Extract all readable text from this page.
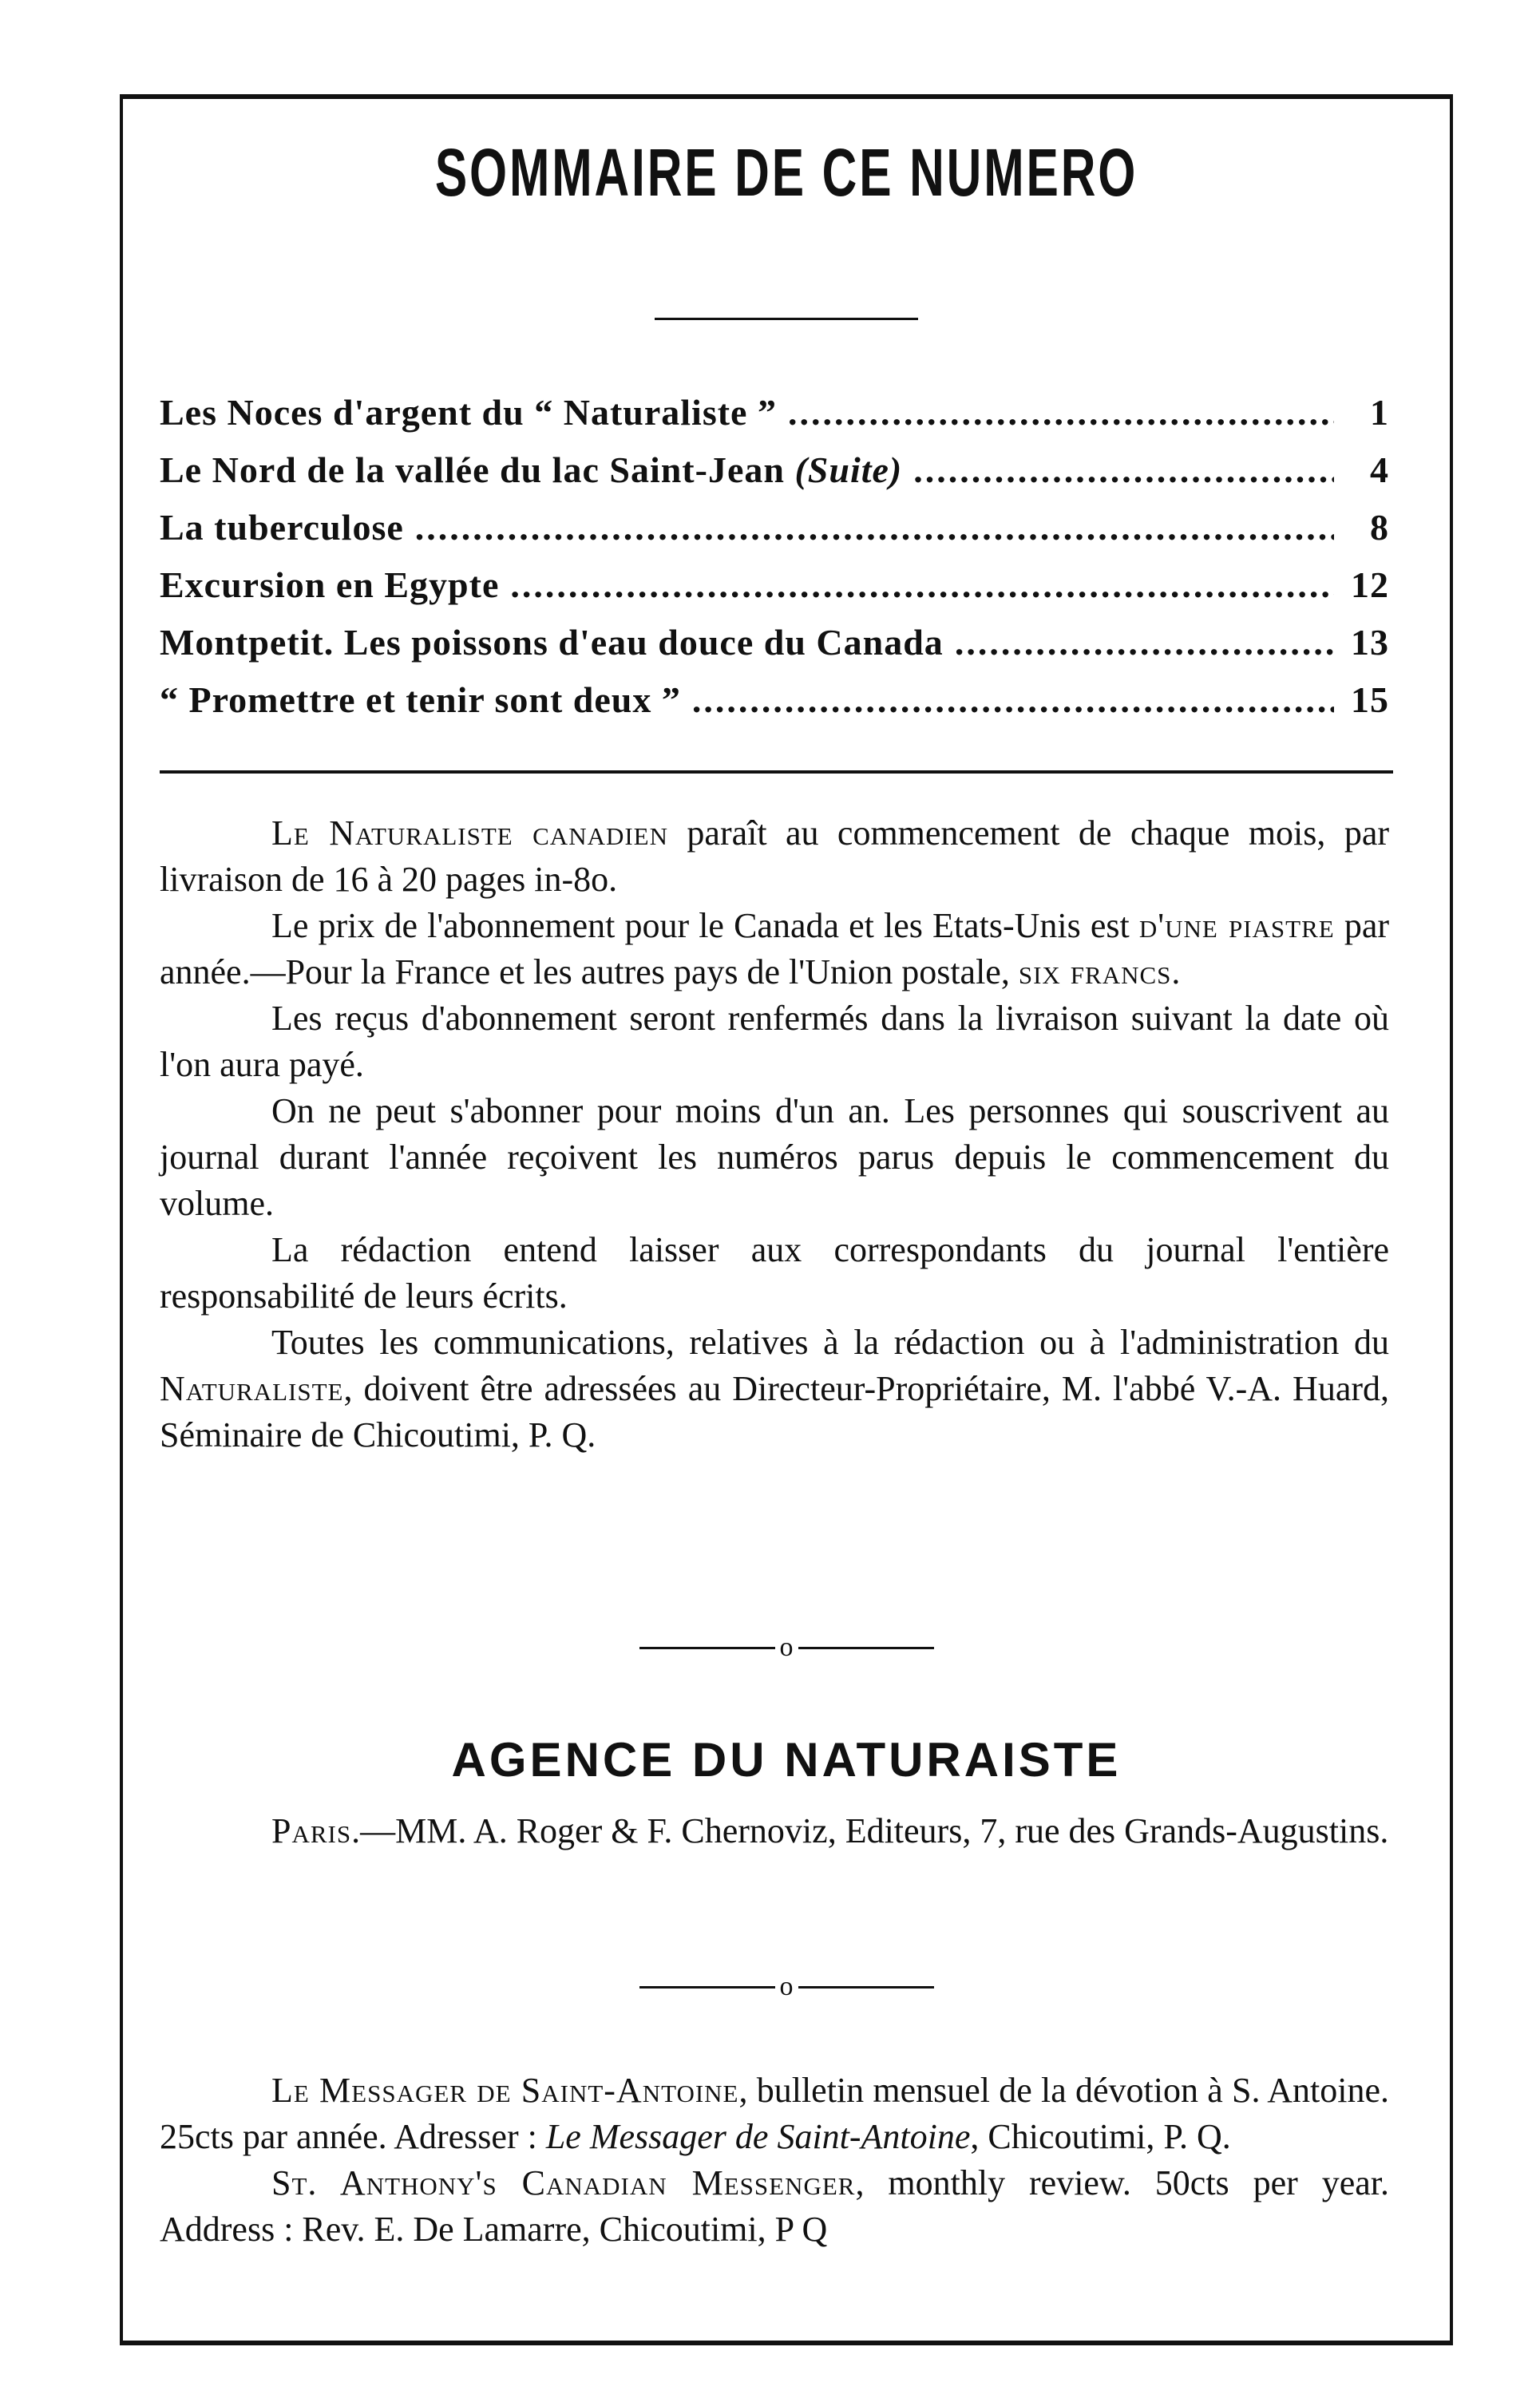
SOMMAIRE DE CE NUMERO
Les Noces d'argent du “ Naturaliste ” .....	1
Le Nord de la vallée du lac Saint-Jean (Suite) .....	4
La tuberculose .....	8
Excursion en Egypte .....	12
Montpetit. Les poissons d'eau douce du Canada .....	13
“ Promettre et tenir sont deux ” .....	15

Le Naturaliste canadien paraît au commencement de chaque mois, par livraison de 16 à 20 pages in-8o.

Le prix de l'abonnement pour le Canada et les Etats-Unis est d'une piastre par année.—Pour la France et les autres pays de l'Union postale, six francs.

Les reçus d'abonnement seront renfermés dans la livraison suivant la date où l'on aura payé.

On ne peut s'abonner pour moins d'un an. Les personnes qui souscrivent au journal durant l'année reçoivent les numéros parus depuis le commencement du volume.

La rédaction entend laisser aux correspondants du journal l'entière responsabilité de leurs écrits.

Toutes les communications, relatives à la rédaction ou à l'administration du Naturaliste, doivent être adressées au Directeur-Propriétaire, M. l'abbé V.-A. Huard, Séminaire de Chicoutimi, P. Q.

o
AGENCE DU NATURAISTE

Paris.—MM. A. Roger & F. Chernoviz, Editeurs, 7, rue des Grands-Augustins.

o

Le Messager de Saint-Antoine, bulletin mensuel de la dévotion à S. Antoine. 25cts par année. Adresser : Le Messager de Saint-Antoine, Chicoutimi, P. Q.

St. Anthony's Canadian Messenger, monthly review. 50cts per year. Address : Rev. E. De Lamarre, Chicoutimi, P Q
